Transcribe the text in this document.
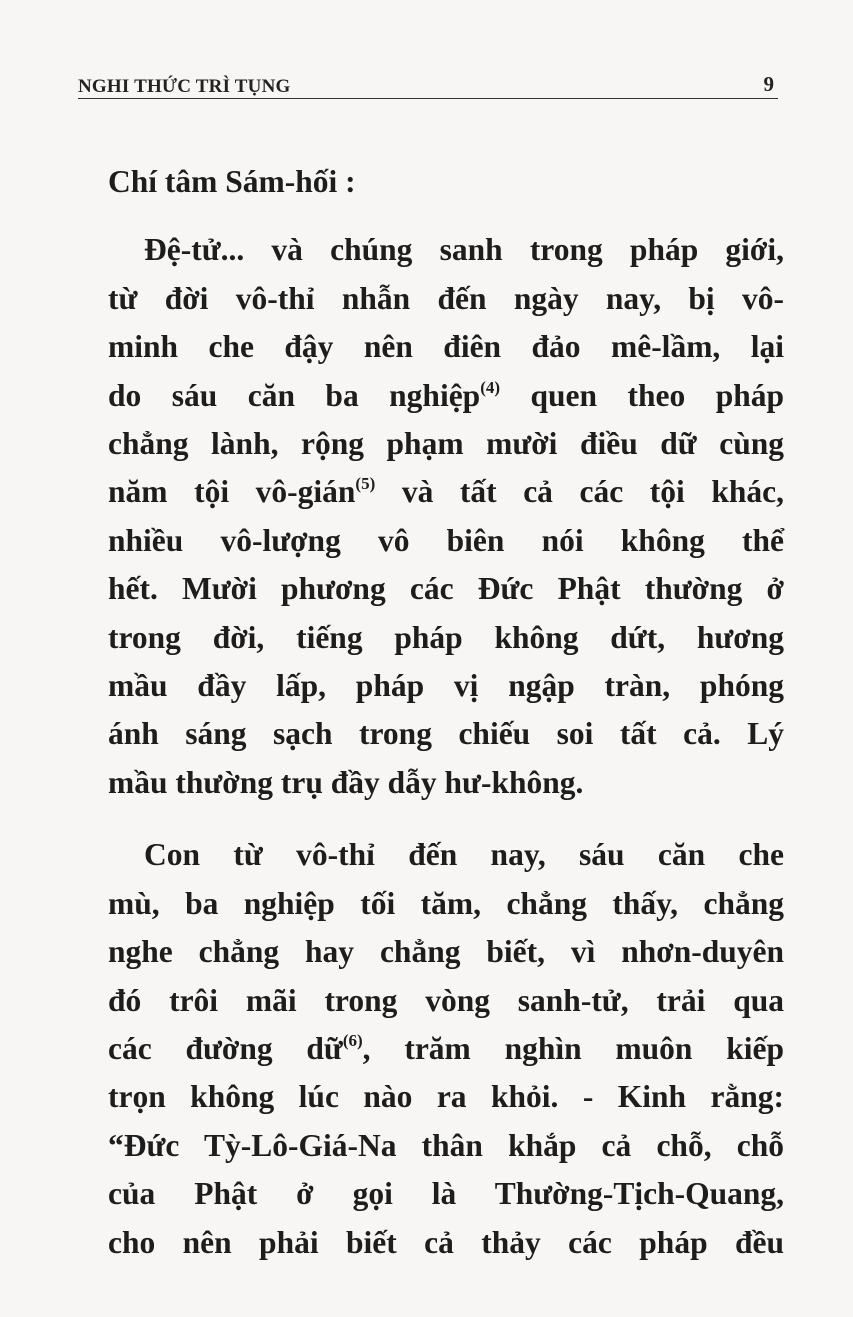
NGHI THỨC TRÌ TỤNG	9
Chí tâm Sám-hối :
Đệ-tử... và chúng sanh trong pháp giới,
từ đời vô-thỉ nhẫn đến ngày nay, bị vô-
minh che đậy nên điên đảo mê-lầm, lại
do sáu căn ba nghiệp$^{(4)}$ quen theo pháp
chẳng lành, rộng phạm mười điều dữ cùng
năm tội vô-gián$^{(5)}$ và tất cả các tội khác,
nhiều vô-lượng vô biên nói không thể
hết. Mười phương các Đức Phật thường ở
trong đời, tiếng pháp không dứt, hương
mầu đầy lấp, pháp vị ngập tràn, phóng
ánh sáng sạch trong chiếu soi tất cả. Lý
mầu thường trụ đầy dẫy hư-không.
Con từ vô-thỉ đến nay, sáu căn che
mù, ba nghiệp tối tăm, chẳng thấy, chẳng
nghe chẳng hay chẳng biết, vì nhơn-duyên
đó trôi mãi trong vòng sanh-tử, trải qua
các đường dữ$^{(6)}$, trăm nghìn muôn kiếp
trọn không lúc nào ra khỏi. - Kinh rằng:
“Đức Tỳ-Lô-Giá-Na thân khắp cả chỗ, chỗ
của Phật ở gọi là Thường-Tịch-Quang,
cho nên phải biết cả thảy các pháp đều
